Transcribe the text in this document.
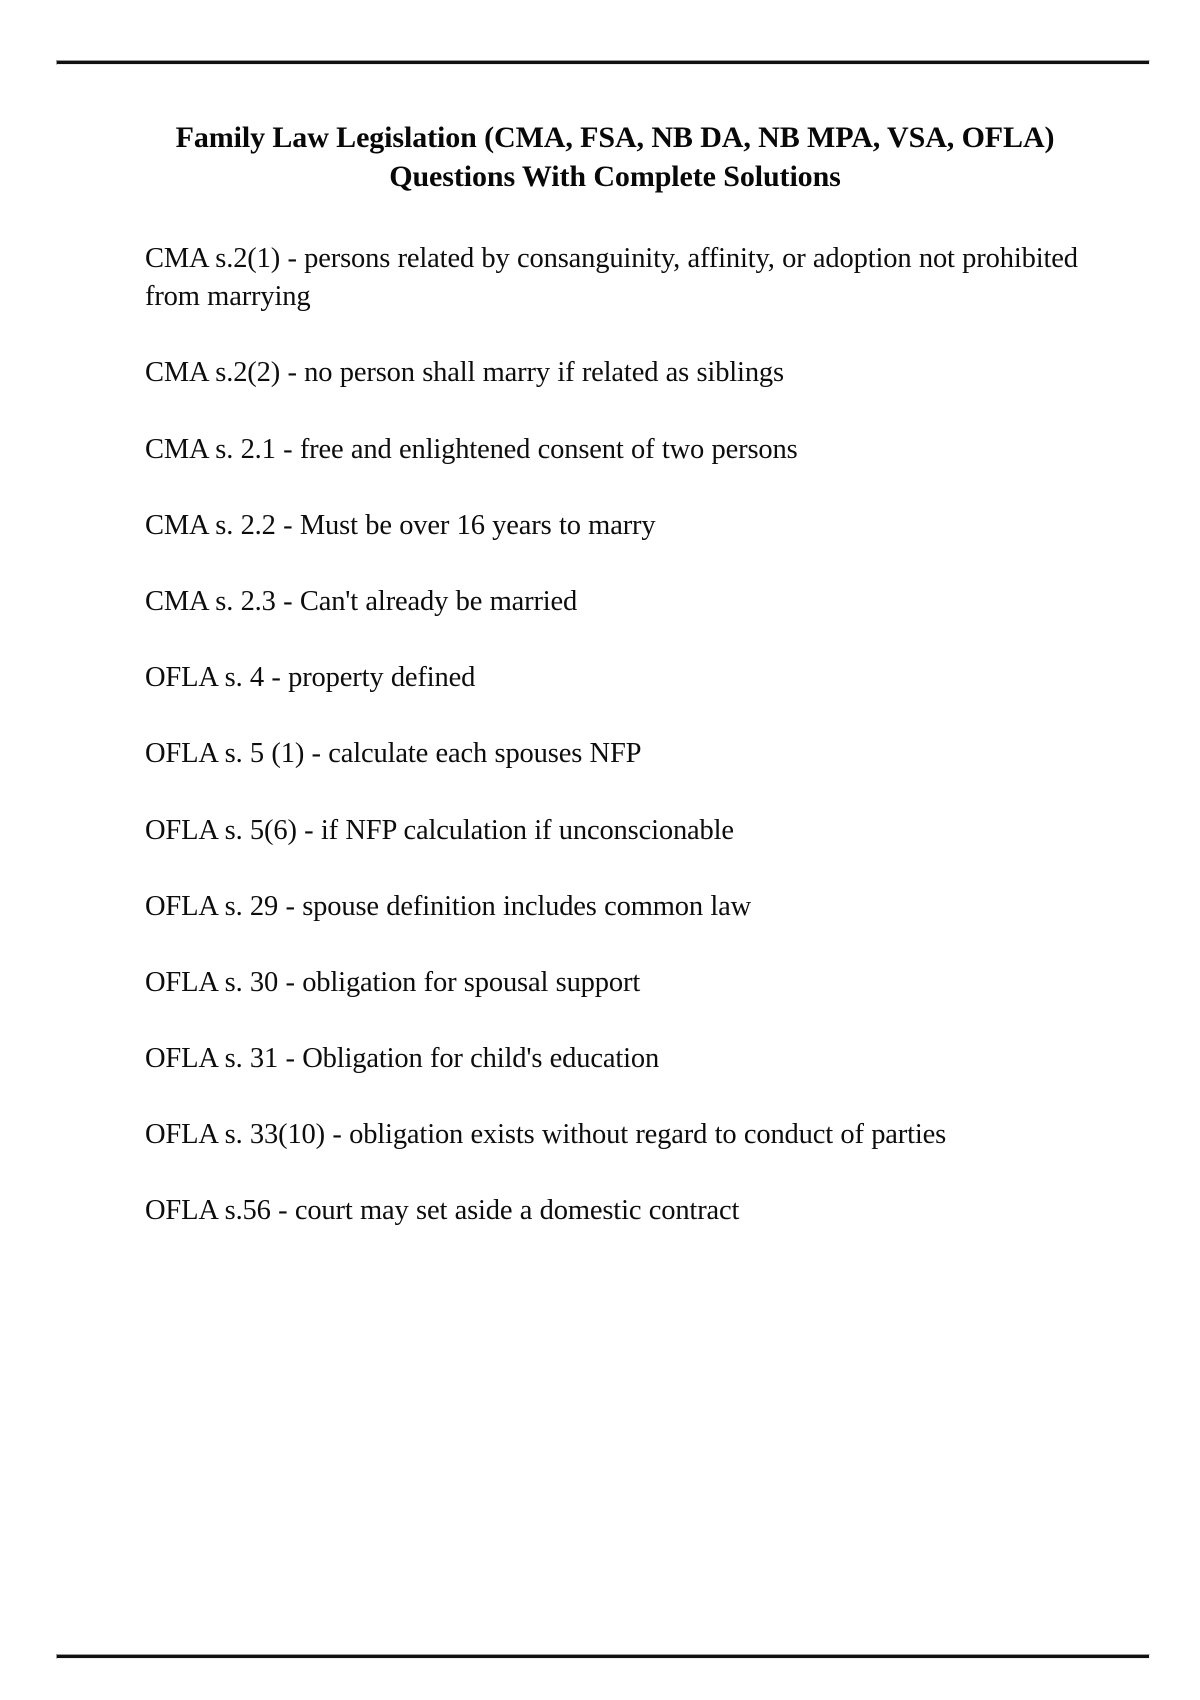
Family Law Legislation (CMA, FSA, NB DA, NB MPA, VSA, OFLA) Questions With Complete Solutions

CMA s.2(1) - persons related by consanguinity, affinity, or adoption not prohibited from marrying

CMA s.2(2) - no person shall marry if related as siblings

CMA s. 2.1 - free and enlightened consent of two persons

CMA s. 2.2 - Must be over 16 years to marry

CMA s. 2.3 - Can't already be married

OFLA s. 4 - property defined

OFLA s. 5 (1) - calculate each spouses NFP

OFLA s. 5(6) - if NFP calculation if unconscionable

OFLA s. 29 - spouse definition includes common law

OFLA s. 30 - obligation for spousal support

OFLA s. 31 - Obligation for child's education

OFLA s. 33(10) - obligation exists without regard to conduct of parties

OFLA s.56 - court may set aside a domestic contract
